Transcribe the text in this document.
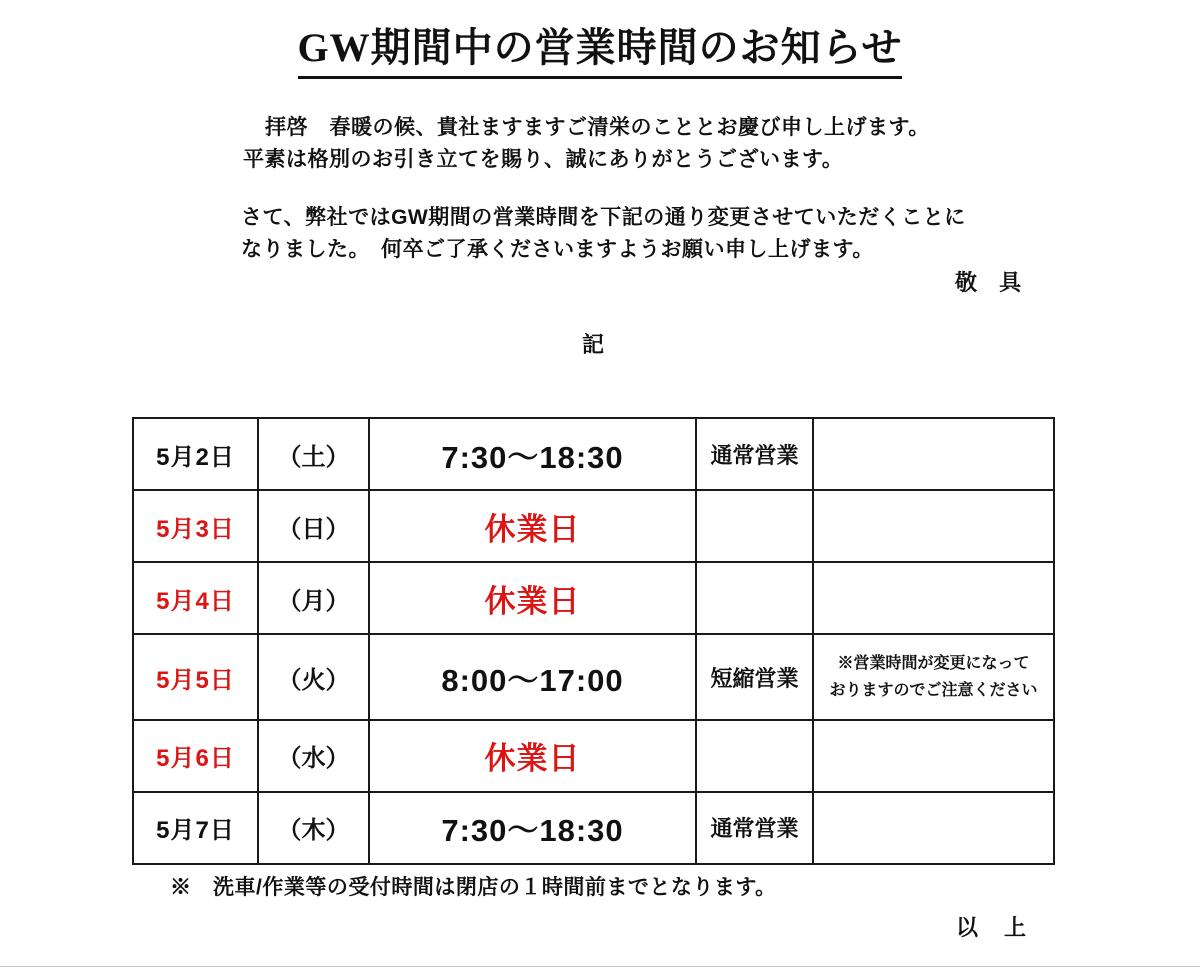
GW期間中の営業時間のお知らせ
拝啓　春暖の候、貴社ますますご清栄のこととお慶び申し上げます。
平素は格別のお引き立てを賜り、誠にありがとうございます。
さて、弊社ではGW期間の営業時間を下記の通り変更させていただくことに
なりました。　何卒ご了承くださいますようお願い申し上げます。
敬 具
記
5月2日	（土）	7:30～18:30	通常営業	

5月3日	（日）	休業日		

5月4日	（月）	休業日		

5月5日	（火）	8:00～17:00	短縮営業	※営業時間が変更になって
おりますのでご注意ください

5月6日	（水）	休業日		

5月7日	（木）	7:30～18:30	通常営業	
※　洗車/作業等の受付時間は閉店の１時間前までとなります。
以　上
